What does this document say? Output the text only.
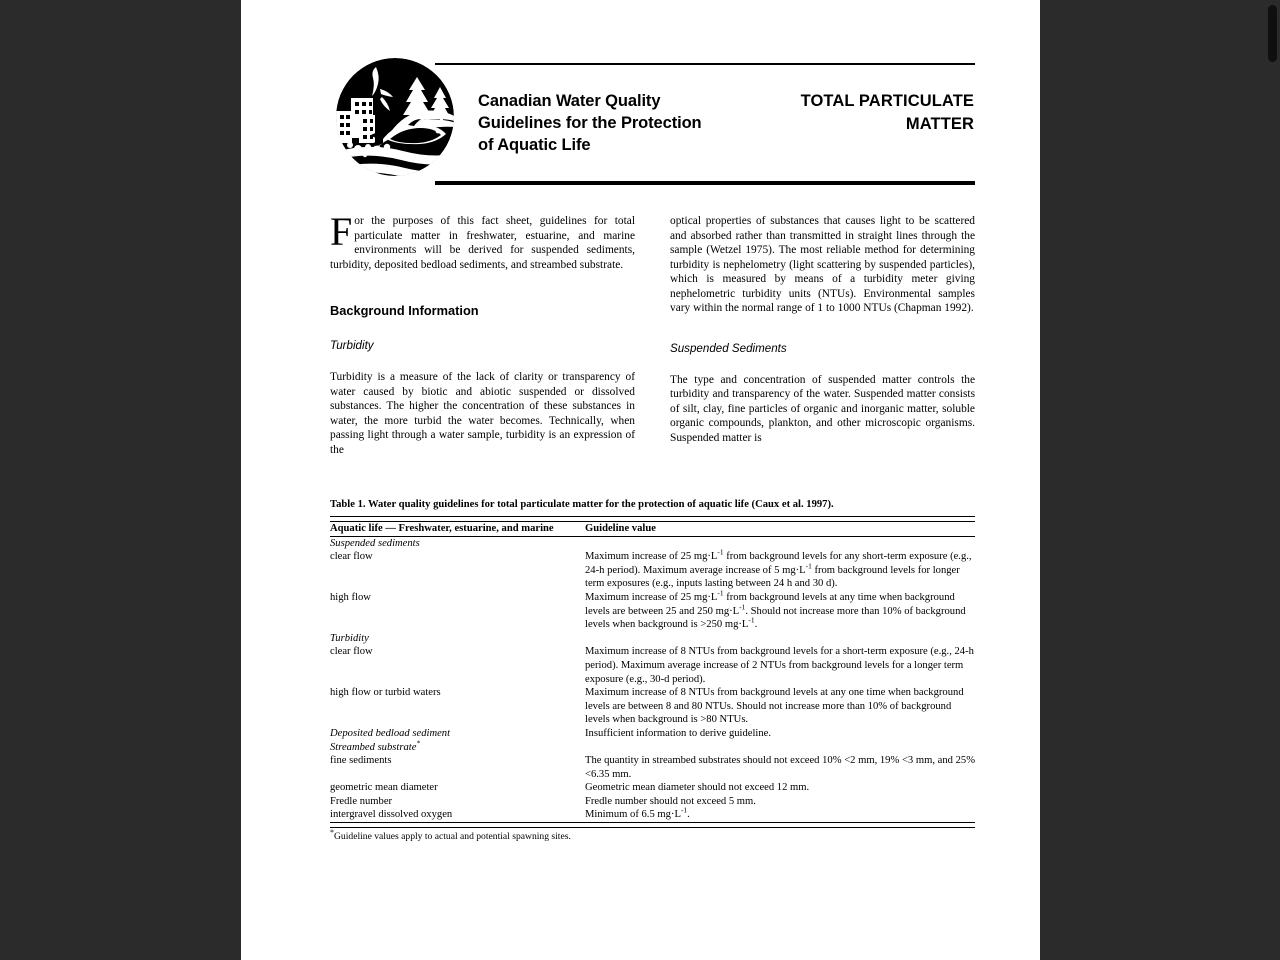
Canadian Water Quality
Guidelines for the Protection
of Aquatic Life
TOTAL PARTICULATE
MATTER

For the purposes of this fact sheet, guidelines for total particulate matter in freshwater, estuarine, and marine environments will be derived for suspended sediments, turbidity, deposited bedload sediments, and streambed substrate.

Background Information
Turbidity

Turbidity is a measure of the lack of clarity or transparency of water caused by biotic and abiotic suspended or dissolved substances. The higher the concentration of these substances in water, the more turbid the water becomes. Technically, when passing light through a water sample, turbidity is an expression of the

optical properties of substances that causes light to be scattered and absorbed rather than transmitted in straight lines through the sample (Wetzel 1975). The most reliable method for determining turbidity is nephelometry (light scattering by suspended particles), which is measured by means of a turbidity meter giving nephelometric turbidity units (NTUs). Environmental samples vary within the normal range of 1 to 1000 NTUs (Chapman 1992).

Suspended Sediments

The type and concentration of suspended matter controls the turbidity and transparency of the water. Suspended matter consists of silt, clay, fine particles of organic and inorganic matter, soluble organic compounds, plankton, and other microscopic organisms. Suspended matter is

Table 1. Water quality guidelines for total particulate matter for the protection of aquatic life (Caux et al. 1997).
Aquatic life — Freshwater, estuarine, and marine	Guideline value
Suspended sediments	
clear flow	Maximum increase of 25 $mg\cdot L^{-1}$ from background levels for any short-term exposure (e.g., 24-h period). Maximum average increase of 5 $mg\cdot L^{-1}$ from background levels for longer term exposures (e.g., inputs lasting between 24 h and 30 d).
high flow	Maximum increase of 25 $mg\cdot L^{-1}$ from background levels at any time when background levels are between 25 and 250 $mg\cdot L^{-1}$. Should not increase more than 10% of background levels when background is >250 $mg\cdot L^{-1}$.
Turbidity	
clear flow	Maximum increase of 8 NTUs from background levels for a short-term exposure (e.g., 24-h period). Maximum average increase of 2 NTUs from background levels for a longer term exposure (e.g., 30-d period).
high flow or turbid waters	Maximum increase of 8 NTUs from background levels at any one time when background levels are between 8 and 80 NTUs. Should not increase more than 10% of background levels when background is >80 NTUs.
Deposited bedload sediment	Insufficient information to derive guideline.
Streambed substrate*	
fine sediments	The quantity in streambed substrates should not exceed 10% <2 mm, 19% <3 mm, and 25% <6.35 mm.
geometric mean diameter	Geometric mean diameter should not exceed 12 mm.
Fredle number	Fredle number should not exceed 5 mm.
intergravel dissolved oxygen	Minimum of 6.5 $mg\cdot L^{-1}$.
*Guideline values apply to actual and potential spawning sites.
